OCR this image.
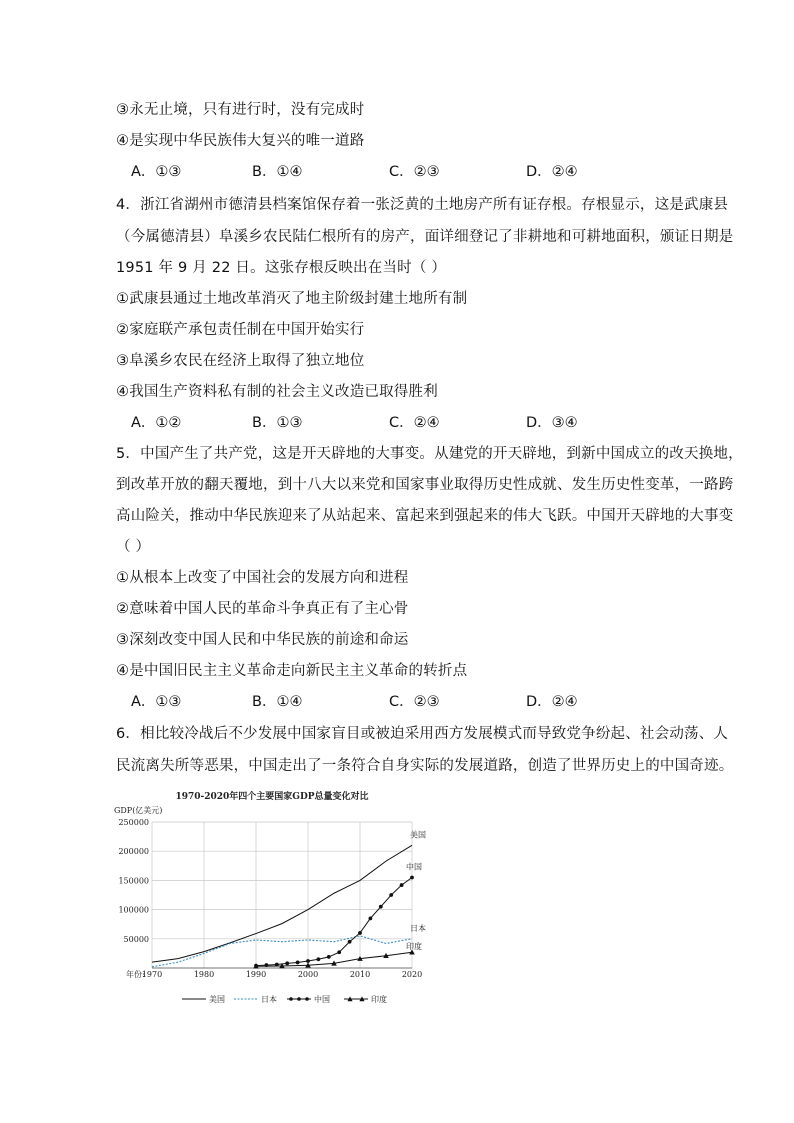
③永无止境，只有进行时，没有完成时
④是实现中华民族伟大复兴的唯一道路
A．①③	B．①④	C．②③	D．②④
4．浙江省湖州市德清县档案馆保存着一张泛黄的土地房产所有证存根。存根显示，这是武康县
（今属德清县）阜溪乡农民陆仁根所有的房产，面详细登记了非耕地和可耕地面积，颁证日期是
1951 年 9 月 22 日。这张存根反映出在当时（ ）
①武康县通过土地改革消灭了地主阶级封建土地所有制
②家庭联产承包责任制在中国开始实行
③阜溪乡农民在经济上取得了独立地位
④我国生产资料私有制的社会主义改造已取得胜利
A．①②	B．①③	C．②④	D．③④
5．中国产生了共产党，这是开天辟地的大事变。从建党的开天辟地，到新中国成立的改天换地，
到改革开放的翻天覆地，到十八大以来党和国家事业取得历史性成就、发生历史性变革，一路跨
高山险关，推动中华民族迎来了从站起来、富起来到强起来的伟大飞跃。中国开天辟地的大事变
（ ）
①从根本上改变了中国社会的发展方向和进程
②意味着中国人民的革命斗争真正有了主心骨
③深刻改变中国人民和中华民族的前途和命运
④是中国旧民主主义革命走向新民主主义革命的转折点
A．①③	B．①④	C．②③	D．②④
6．相比较冷战后不少发展中国家盲目或被迫采用西方发展模式而导致党争纷起、社会动荡、人
民流离失所等恶果，中国走出了一条符合自身实际的发展道路，创造了世界历史上的中国奇迹。
1970-2020年四个主要国家GDP总量变化对比
GDP(亿美元)
年份:
50000
100000
150000
200000
250000
1970	1980	1990	2000	2010	2020
美国
日本
中国
印度
美国	日本	中国	印度
